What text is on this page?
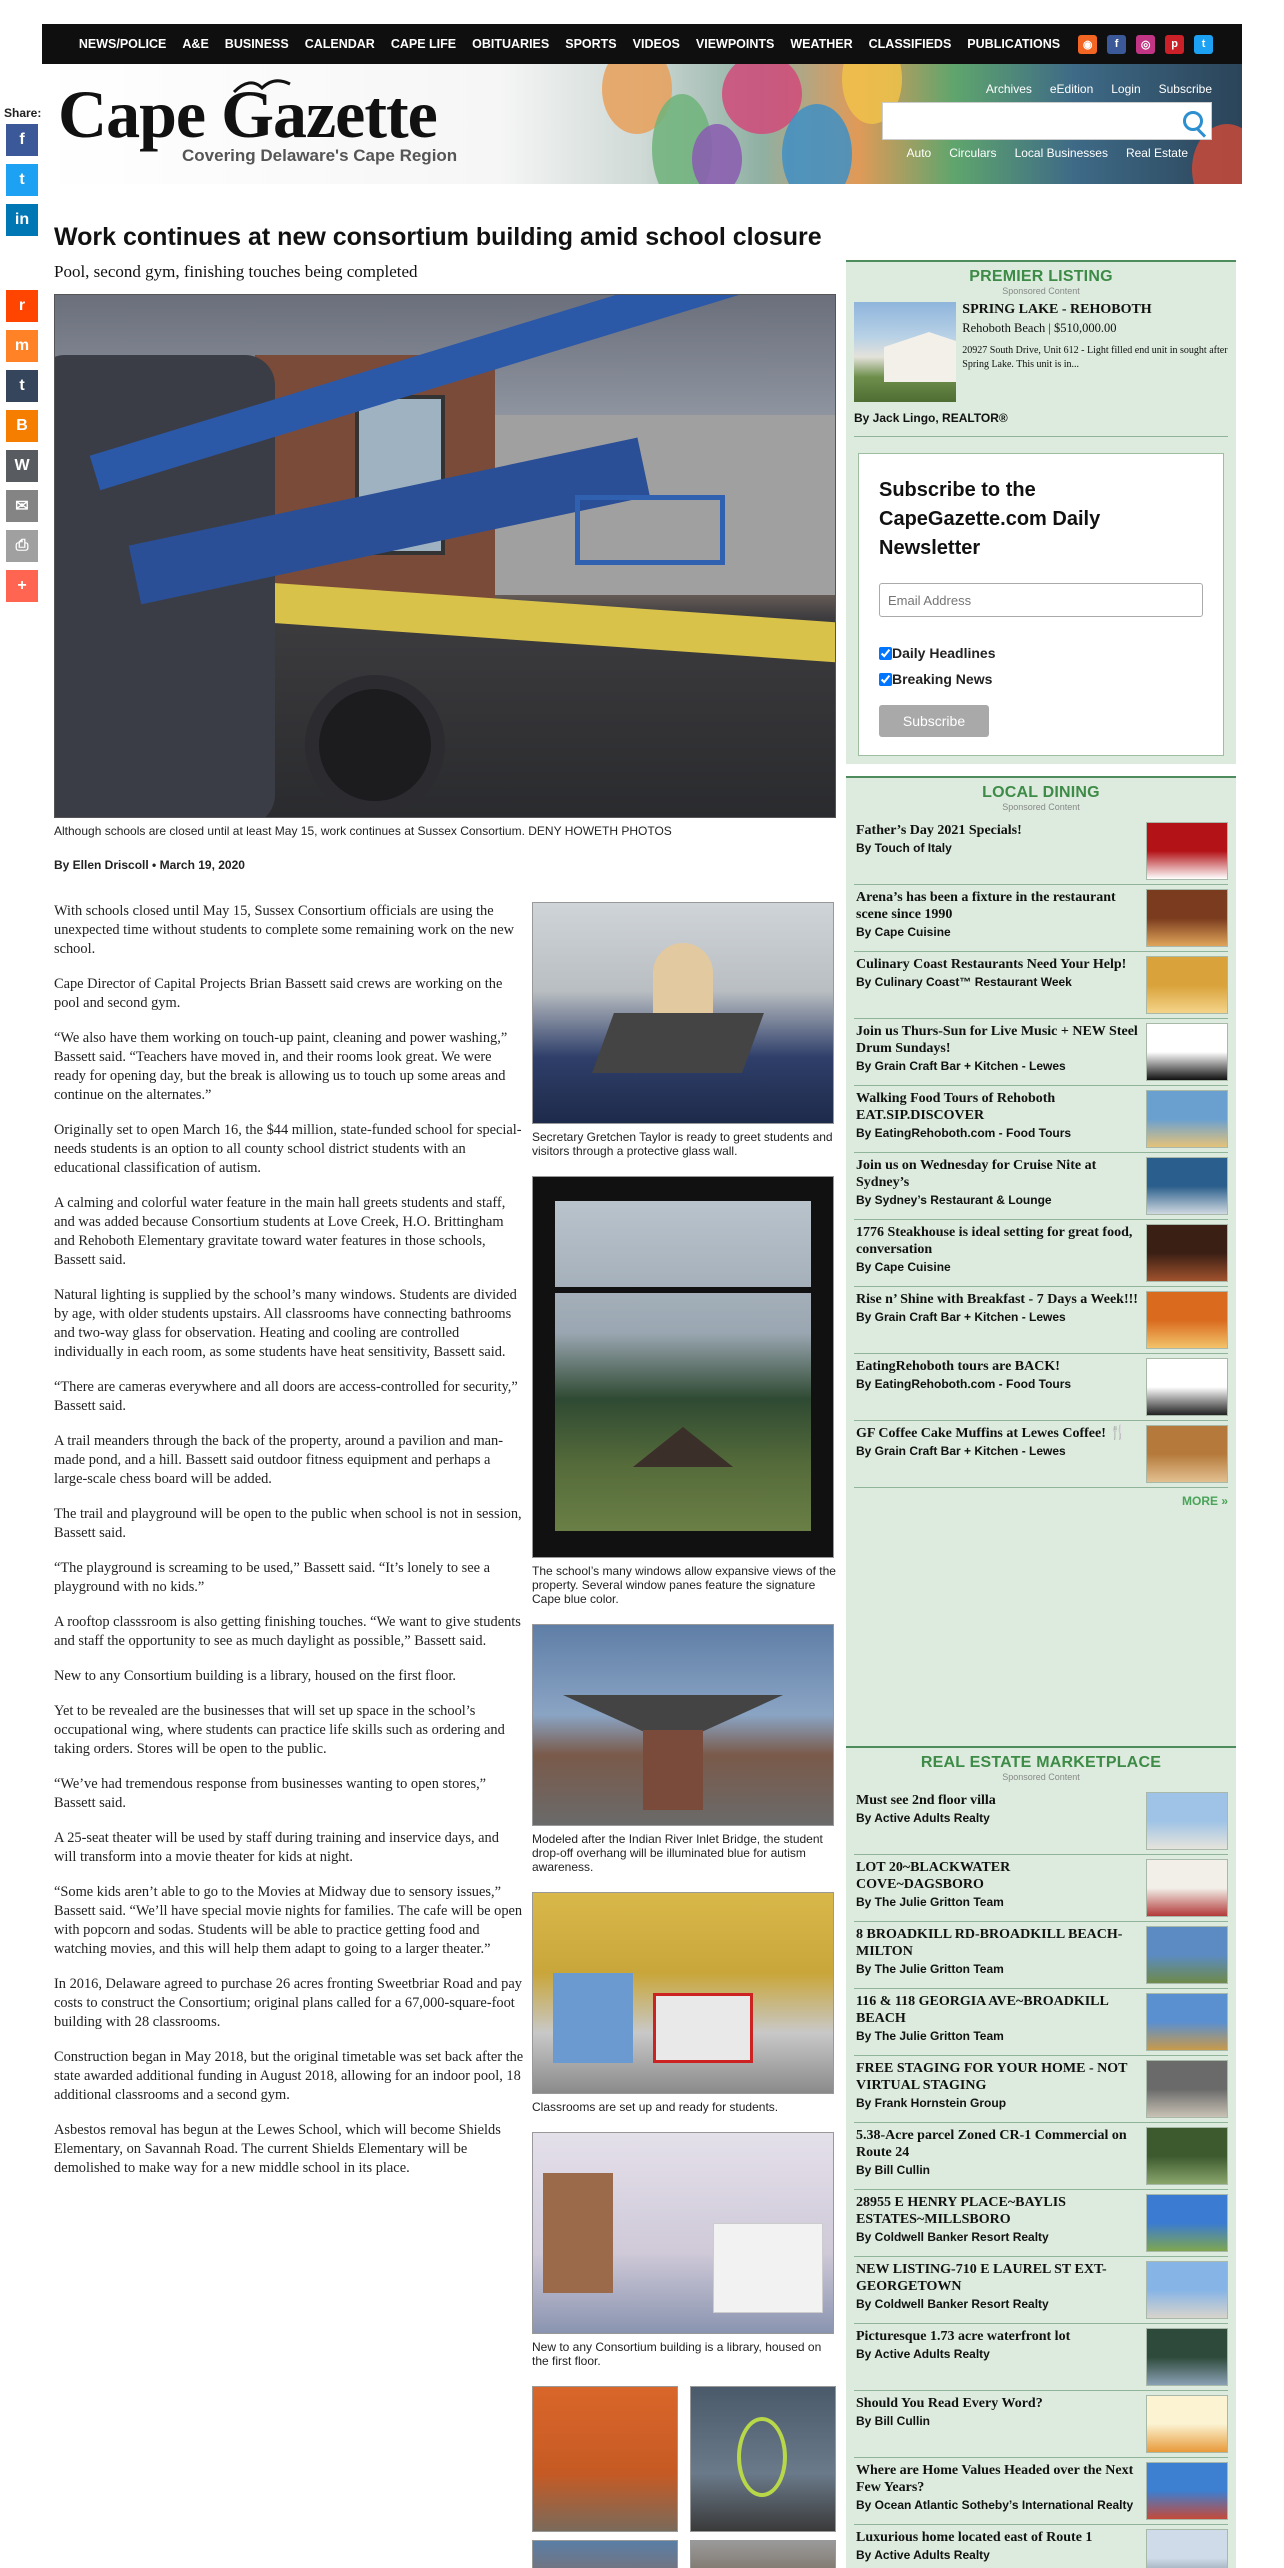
NEWS/POLICE A&E BUSINESS CALENDAR CAPE LIFE OBITUARIES SPORTS VIDEOS VIEWPOINTS WEATHER CLASSIFIEDS PUBLICATIONS	◉	f	◎	p	t
Cape Gazette
Covering Delaware's Cape Region
Archives eEdition Login Subscribe
Auto Circulars Local Businesses Real Estate
Share:
f
t
in
r
m
t
B
W
✉
⎙
+
Work continues at new consortium building amid school closure
Pool, second gym, finishing touches being completed
Although schools are closed until at least May 15, work continues at Sussex Consortium. DENY HOWETH PHOTOS
By Ellen Driscoll • March 19, 2020

With schools closed until May 15, Sussex Consortium officials are using the unexpected time without students to complete some remaining work on the new school.

Cape Director of Capital Projects Brian Bassett said crews are working on the pool and second gym.

“We also have them working on touch-up paint, cleaning and power washing,” Bassett said. “Teachers have moved in, and their rooms look great. We were ready for opening day, but the break is allowing us to touch up some areas and continue on the alternates.”

Originally set to open March 16, the $44 million, state-funded school for special-needs students is an option to all county school district students with an educational classification of autism.

A calming and colorful water feature in the main hall greets students and staff, and was added because Consortium students at Love Creek, H.O. Brittingham and Rehoboth Elementary gravitate toward water features in those schools, Bassett said.

Natural lighting is supplied by the school’s many windows. Students are divided by age, with older students upstairs. All classrooms have connecting bathrooms and two-way glass for observation. Heating and cooling are controlled individually in each room, as some students have heat sensitivity, Bassett said.

“There are cameras everywhere and all doors are access-controlled for security,” Bassett said.

A trail meanders through the back of the property, around a pavilion and man-made pond, and a hill. Bassett said outdoor fitness equipment and perhaps a large-scale chess board will be added.

The trail and playground will be open to the public when school is not in session, Bassett said.

“The playground is screaming to be used,” Bassett said. “It’s lonely to see a playground with no kids.”

A rooftop classsroom is also getting finishing touches. “We want to give students and staff the opportunity to see as much daylight as possible,” Bassett said.

New to any Consortium building is a library, housed on the first floor.

Yet to be revealed are the businesses that will set up space in the school’s occupational wing, where students can practice life skills such as ordering and taking orders. Stores will be open to the public.

“We’ve had tremendous response from businesses wanting to open stores,” Bassett said.

A 25-seat theater will be used by staff during training and inservice days, and will transform into a movie theater for kids at night.

“Some kids aren’t able to go to the Movies at Midway due to sensory issues,” Bassett said. “We’ll have special movie nights for families. The cafe will be open with popcorn and sodas. Students will be able to practice getting food and watching movies, and this will help them adapt to going to a larger theater.”

In 2016, Delaware agreed to purchase 26 acres fronting Sweetbriar Road and pay costs to construct the Consortium; original plans called for a 67,000-square-foot building with 28 classrooms.

Construction began in May 2018, but the original timetable was set back after the state awarded additional funding in August 2018, allowing for an indoor pool, 18 additional classrooms and a second gym.

Asbestos removal has begun at the Lewes School, which will become Shields Elementary, on Savannah Road. The current Shields Elementary will be demolished to make way for a new middle school in its place.

Secretary Gretchen Taylor is ready to greet students and visitors through a protective glass wall.
The school’s many windows allow expansive views of the property. Several window panes feature the signature Cape blue color.
Modeled after the Indian River Inlet Bridge, the student drop-off overhang will be illuminated blue for autism awareness.
Classrooms are set up and ready for students.
New to any Consortium building is a library, housed on the first floor.
PREMIER LISTING
Sponsored Content
SPRING LAKE - REHOBOTH
Rehoboth Beach | $510,000.00
20927 South Drive, Unit 612 - Light filled end unit in sought after Spring Lake. This unit is in...
By Jack Lingo, REALTOR®
Subscribe to the CapeGazette.com Daily Newsletter
Email Address
Daily Headlines
Breaking News
Subscribe
LOCAL DINING
Sponsored Content
Father’s Day 2021 Specials!
By Touch of Italy
Arena’s has been a fixture in the restaurant scene since 1990
By Cape Cuisine
Culinary Coast Restaurants Need Your Help!
By Culinary Coast™ Restaurant Week
Join us Thurs-Sun for Live Music + NEW Steel Drum Sundays!
By Grain Craft Bar + Kitchen - Lewes
Walking Food Tours of Rehoboth EAT.SIP.DISCOVER
By EatingRehoboth.com - Food Tours
Join us on Wednesday for Cruise Nite at Sydney’s
By Sydney’s Restaurant & Lounge
1776 Steakhouse is ideal setting for great food, conversation
By Cape Cuisine
Rise n’ Shine with Breakfast - 7 Days a Week!!!
By Grain Craft Bar + Kitchen - Lewes
EatingRehoboth tours are BACK!
By EatingRehoboth.com - Food Tours
GF Coffee Cake Muffins at Lewes Coffee! 🍴
By Grain Craft Bar + Kitchen - Lewes
MORE »
REAL ESTATE MARKETPLACE
Sponsored Content
Must see 2nd floor villa
By Active Adults Realty
LOT 20~BLACKWATER COVE~DAGSBORO
By The Julie Gritton Team
8 BROADKILL RD-BROADKILL BEACH-MILTON
By The Julie Gritton Team
116 & 118 GEORGIA AVE~BROADKILL BEACH
By The Julie Gritton Team
FREE STAGING FOR YOUR HOME - NOT VIRTUAL STAGING
By Frank Hornstein Group
5.38-Acre parcel Zoned CR-1 Commercial on Route 24
By Bill Cullin
28955 E HENRY PLACE~BAYLIS ESTATES~MILLSBORO
By Coldwell Banker Resort Realty
NEW LISTING-710 E LAUREL ST EXT-GEORGETOWN
By Coldwell Banker Resort Realty
Picturesque 1.73 acre waterfront lot
By Active Adults Realty
Should You Read Every Word?
By Bill Cullin
Where are Home Values Headed over the Next Few Years?
By Ocean Atlantic Sotheby’s International Realty
Luxurious home located east of Route 1
By Active Adults Realty
